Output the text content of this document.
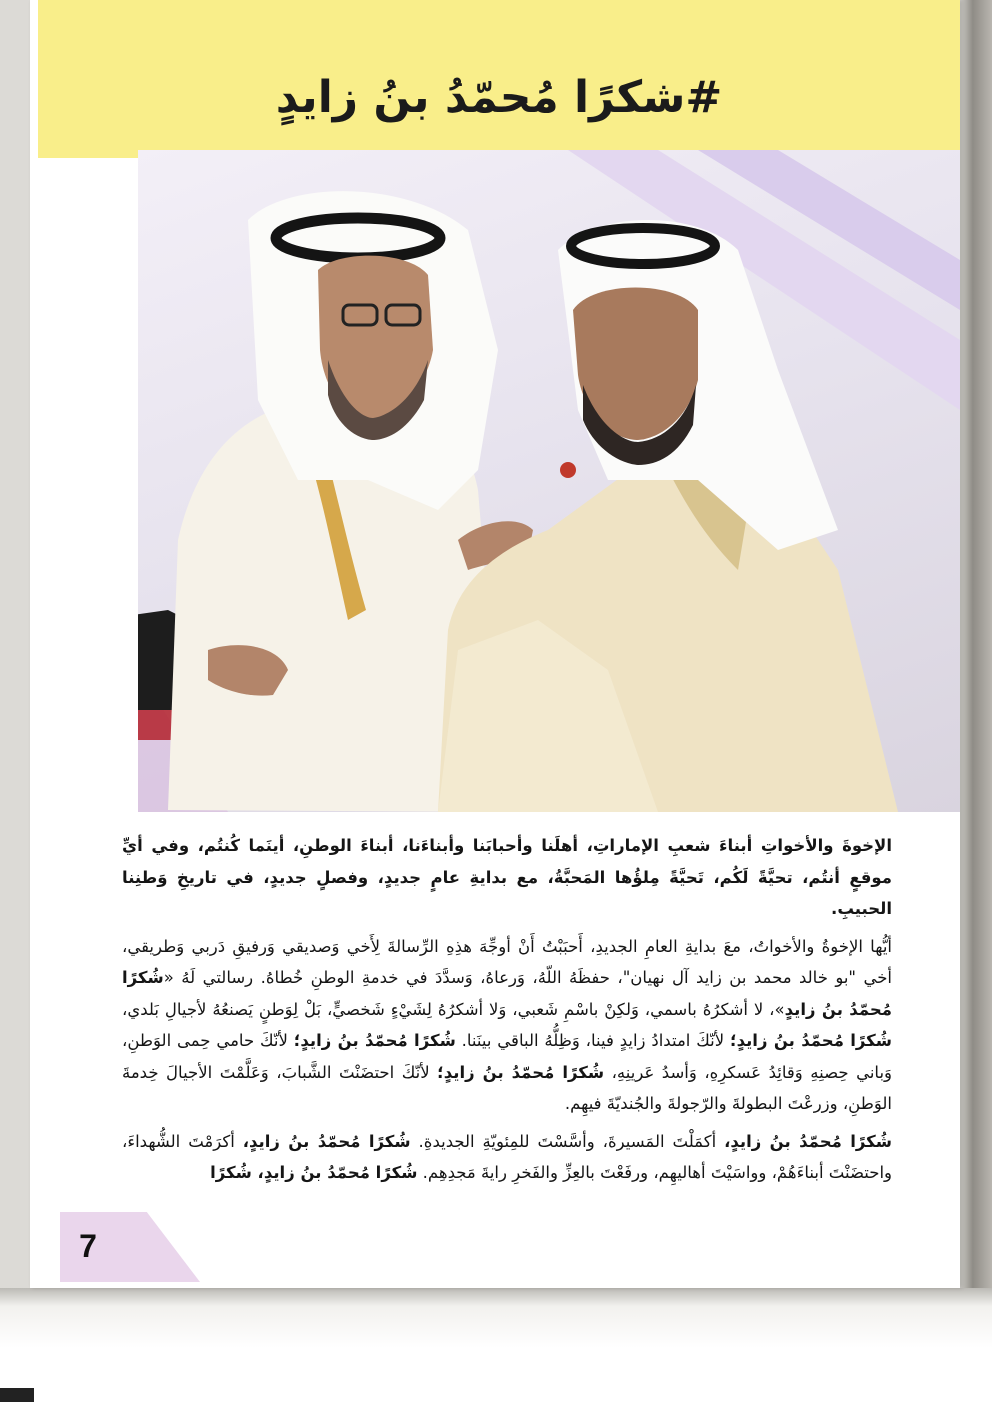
#شكرًا مُحمّدُ بنُ زايدٍ

الإخوةَ والأخواتِ أبناءَ شعبِ الإماراتِ، أهلَنا وأحبابَنا وأبناءَنا، أبناءَ الوطنِ، أينَما كُنتُم، وفي أيِّ موقعٍ أنتُم، تحيَّةً لَكُم، تَحيَّةً مِلؤُها المَحبَّةُ، مع بدايةِ عامٍ جديدٍ، وفصلٍ جديدٍ، في تاريخِ وَطنِنا الحبيبِ.

أيُّها الإخوةُ والأخواتُ، معَ بدايةِ العامِ الجديدِ، أَحبَبْتُ أَنْ أوجِّهَ هذِهِ الرِّسالةَ لِأَخي وَصديقي وَرفيقِ دَربي وَطريقي، أخي "بو خالد محمد بن زايد آل نهيان"، حفظَهُ اللّهُ، وَرعاهُ، وَسدَّدَ في خدمةِ الوطنِ خُطاهُ. رسالتي لَهُ «شُكرًا مُحمّدُ بنُ زايدٍ»، لا أشكرُهُ باسمي، وَلكِنْ باسْمِ شَعبي، وَلا أشكرُهُ لِشَيْءٍ شَخصيٍّ، بَلْ لِوَطنٍ يَصنعُهُ لأجيالِ بَلدي، شُكرًا مُحمّدُ بنُ زايدٍ؛ لأنّكَ امتدادُ زايدٍ فينا، وَظِلُّهُ الباقي بينَنا. شُكرًا مُحمّدُ بنُ زايدٍ؛ لأنّكَ حامي حِمى الوَطنِ، وَباني حِصنِهِ وَقائِدُ عَسكرِهِ، وَأسدُ عَرينِهِ، شُكرًا مُحمّدُ بنُ زايدٍ؛ لأنّكَ احتضَنْتَ الشَّبابَ، وَعَلَّمْتَ الأجيالَ خِدمةَ الوَطنِ، وزرعْتَ البطولةَ والرّجولةَ والجُنديّةَ فيهِم.

شُكرًا مُحمّدُ بنُ زايدٍ، أكمَلْتَ المَسيرةَ، وأسَّسْتَ للمِئويّةِ الجديدةِ. شُكرًا مُحمّدُ بنُ زايدٍ، أكرَمْتَ الشُّهداءَ، واحتضَنْتَ أبناءَهُمْ، وواسَيْتَ أهاليهِم، ورفَعْتَ بالعِزِّ والفَخرِ رايةَ مَجدِهِم. شُكرًا مُحمّدُ بنُ زايدٍ، شُكرًا

7
